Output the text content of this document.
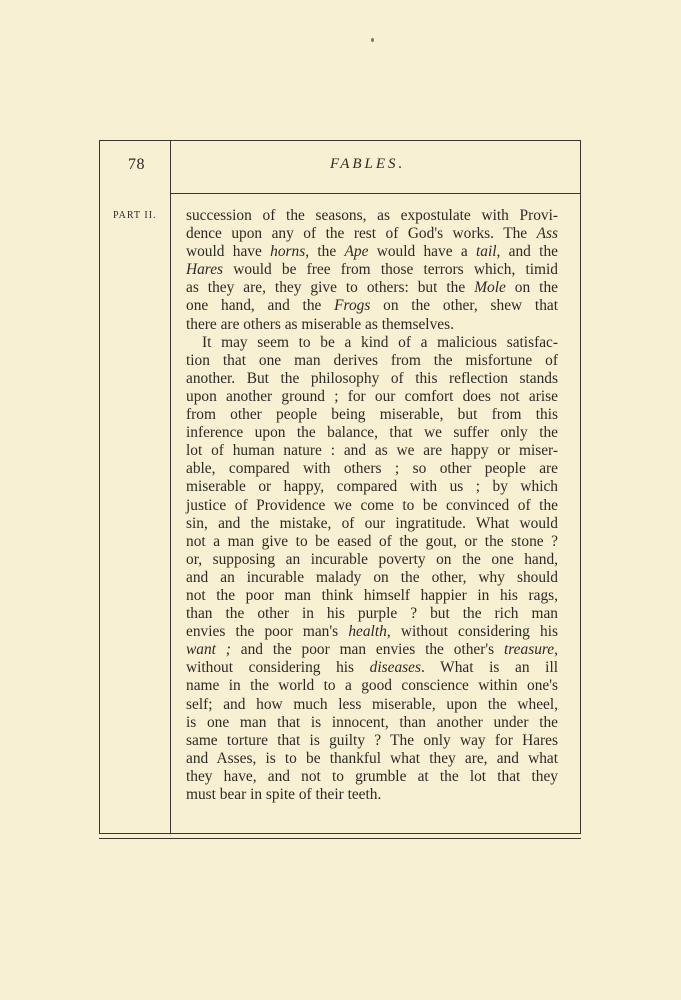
78	FABLES.
PART II. succession of the seasons, as expostulate with Provi-
dence upon any of the rest of God's works. The Ass
would have horns, the Ape would have a tail, and the
Hares would be free from those terrors which, timid
as they are, they give to others: but the Mole on the
one hand, and the Frogs on the other, shew that
there are others as miserable as themselves.
It may seem to be a kind of a malicious satisfac-
tion that one man derives from the misfortune of
another. But the philosophy of this reflection stands
upon another ground ; for our comfort does not arise
from other people being miserable, but from this
inference upon the balance, that we suffer only the
lot of human nature : and as we are happy or miser-
able, compared with others ; so other people are
miserable or happy, compared with us ; by which
justice of Providence we come to be convinced of the
sin, and the mistake, of our ingratitude. What would
not a man give to be eased of the gout, or the stone ?
or, supposing an incurable poverty on the one hand,
and an incurable malady on the other, why should
not the poor man think himself happier in his rags,
than the other in his purple ? but the rich man
envies the poor man's health, without considering his
want ; and the poor man envies the other's treasure,
without considering his diseases. What is an ill
name in the world to a good conscience within one's
self; and how much less miserable, upon the wheel,
is one man that is innocent, than another under the
same torture that is guilty ? The only way for Hares
and Asses, is to be thankful what they are, and what
they have, and not to grumble at the lot that they
must bear in spite of their teeth.
